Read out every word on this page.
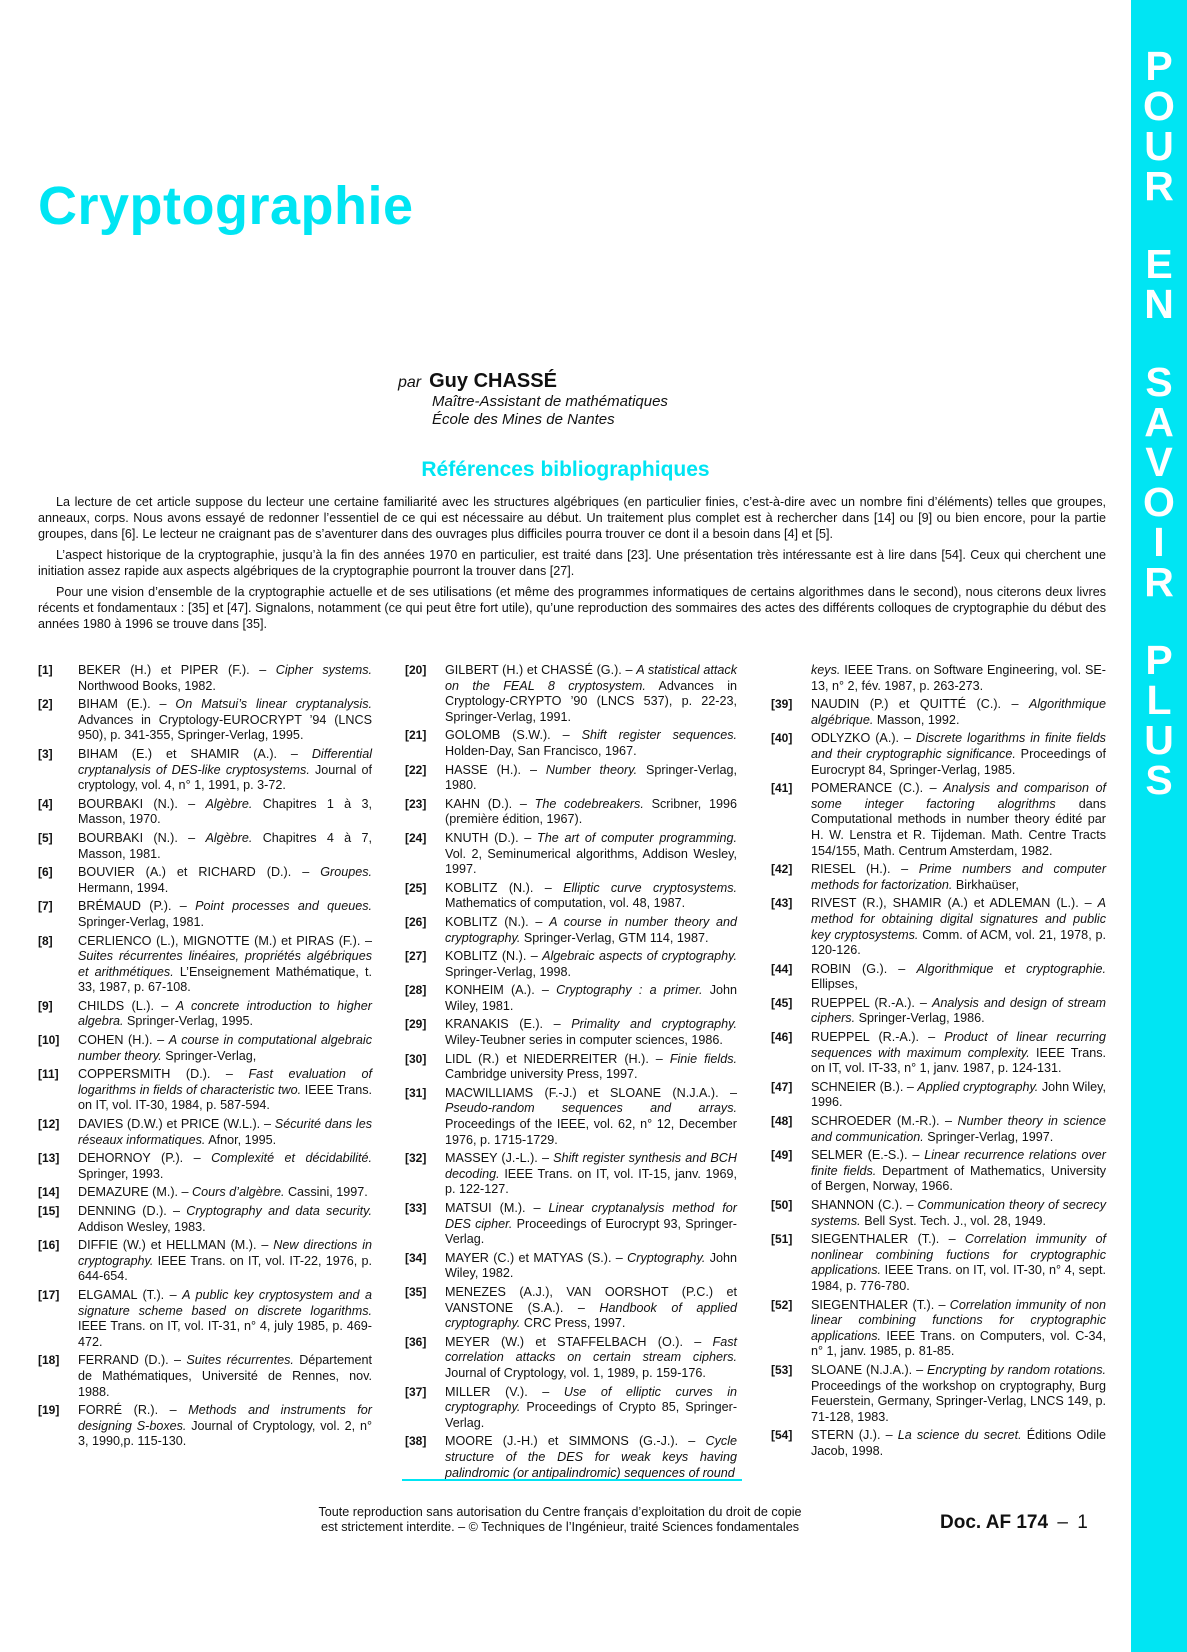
P
O
U
R
E
N
S
A
V
O
I
R
P
L
U
S
Cryptographie
par Guy CHASSÉ
Maître-Assistant de mathématiques
École des Mines de Nantes
Références bibliographiques

La lecture de cet article suppose du lecteur une certaine familiarité avec les structures algébriques (en particulier finies, c’est-à-dire avec un nombre fini d’éléments) telles que groupes, anneaux, corps. Nous avons essayé de redonner l’essentiel de ce qui est nécessaire au début. Un traitement plus complet est à rechercher dans [14] ou [9] ou bien encore, pour la partie groupes, dans [6]. Le lecteur ne craignant pas de s’aventurer dans des ouvrages plus difficiles pourra trouver ce dont il a besoin dans [4] et [5].

L’aspect historique de la cryptographie, jusqu’à la fin des années 1970 en particulier, est traité dans [23]. Une présentation très intéressante est à lire dans [54]. Ceux qui cherchent une initiation assez rapide aux aspects algébriques de la cryptographie pourront la trouver dans [27].

Pour une vision d’ensemble de la cryptographie actuelle et de ses utilisations (et même des programmes informatiques de certains algorithmes dans le second), nous citerons deux livres récents et fondamentaux : [35] et [47]. Signalons, notamment (ce qui peut être fort utile), qu’une reproduction des sommaires des actes des différents colloques de cryptographie du début des années 1980 à 1996 se trouve dans [35].

[1]	BEKER (H.) et PIPER (F.). – Cipher systems. Northwood Books, 1982.
[2]	BIHAM (E.). – On Matsui’s linear cryptanalysis. Advances in Cryptology-EUROCRYPT ’94 (LNCS 950), p. 341-355, Springer-Verlag, 1995.
[3]	BIHAM (E.) et SHAMIR (A.). – Differential cryptanalysis of DES-like cryptosystems. Journal of cryptology, vol. 4, n° 1, 1991, p. 3-72.
[4]	BOURBAKI (N.). – Algèbre. Chapitres 1 à 3, Masson, 1970.
[5]	BOURBAKI (N.). – Algèbre. Chapitres 4 à 7, Masson, 1981.
[6]	BOUVIER (A.) et RICHARD (D.). – Groupes. Hermann, 1994.
[7]	BRÉMAUD (P.). – Point processes and queues. Springer-Verlag, 1981.
[8]	CERLIENCO (L.), MIGNOTTE (M.) et PIRAS (F.). – Suites récurrentes linéaires, propriétés algébriques et arithmétiques. L’Enseignement Mathématique, t. 33, 1987, p. 67-108.
[9]	CHILDS (L.). – A concrete introduction to higher algebra. Springer-Verlag, 1995.
[10]	COHEN (H.). – A course in computational algebraic number theory. Springer-Verlag,
[11]	COPPERSMITH (D.). – Fast evaluation of logarithms in fields of characteristic two. IEEE Trans. on IT, vol. IT-30, 1984, p. 587-594.
[12]	DAVIES (D.W.) et PRICE (W.L.). – Sécurité dans les réseaux informatiques. Afnor, 1995.
[13]	DEHORNOY (P.). – Complexité et décidabilité. Springer, 1993.
[14]	DEMAZURE (M.). – Cours d’algèbre. Cassini, 1997.
[15]	DENNING (D.). – Cryptography and data security. Addison Wesley, 1983.
[16]	DIFFIE (W.) et HELLMAN (M.). – New directions in cryptography. IEEE Trans. on IT, vol. IT-22, 1976, p. 644-654.
[17]	ELGAMAL (T.). – A public key cryptosystem and a signature scheme based on discrete logarithms. IEEE Trans. on IT, vol. IT-31, n° 4, july 1985, p. 469-472.
[18]	FERRAND (D.). – Suites récurrentes. Département de Mathématiques, Université de Rennes, nov. 1988.
[19]	FORRÉ (R.). – Methods and instruments for designing S-boxes. Journal of Cryptology, vol. 2, n° 3, 1990,p. 115-130.
[20]	GILBERT (H.) et CHASSÉ (G.). – A statistical attack on the FEAL 8 cryptosystem. Advances in Cryptology-CRYPTO ’90 (LNCS 537), p. 22-23, Springer-Verlag, 1991.
[21]	GOLOMB (S.W.). – Shift register sequences. Holden-Day, San Francisco, 1967.
[22]	HASSE (H.). – Number theory. Springer-Verlag, 1980.
[23]	KAHN (D.). – The codebreakers. Scribner, 1996 (première édition, 1967).
[24]	KNUTH (D.). – The art of computer programming. Vol. 2, Seminumerical algorithms, Addison Wesley, 1997.
[25]	KOBLITZ (N.). – Elliptic curve cryptosystems. Mathematics of computation, vol. 48, 1987.
[26]	KOBLITZ (N.). – A course in number theory and cryptography. Springer-Verlag, GTM 114, 1987.
[27]	KOBLITZ (N.). – Algebraic aspects of cryptography. Springer-Verlag, 1998.
[28]	KONHEIM (A.). – Cryptography : a primer. John Wiley, 1981.
[29]	KRANAKIS (E.). – Primality and cryptography. Wiley-Teubner series in computer sciences, 1986.
[30]	LIDL (R.) et NIEDERREITER (H.). – Finie fields. Cambridge university Press, 1997.
[31]	MACWILLIAMS (F.-J.) et SLOANE (N.J.A.). – Pseudo-random sequences and arrays. Proceedings of the IEEE, vol. 62, n° 12, December 1976, p. 1715-1729.
[32]	MASSEY (J.-L.). – Shift register synthesis and BCH decoding. IEEE Trans. on IT, vol. IT-15, janv. 1969, p. 122-127.
[33]	MATSUI (M.). – Linear cryptanalysis method for DES cipher. Proceedings of Eurocrypt 93, Springer-Verlag.
[34]	MAYER (C.) et MATYAS (S.). – Cryptography. John Wiley, 1982.
[35]	MENEZES (A.J.), VAN OORSHOT (P.C.) et VANSTONE (S.A.). – Handbook of applied cryptography. CRC Press, 1997.
[36]	MEYER (W.) et STAFFELBACH (O.). – Fast correlation attacks on certain stream ciphers. Journal of Cryptology, vol. 1, 1989, p. 159-176.
[37]	MILLER (V.). – Use of elliptic curves in cryptography. Proceedings of Crypto 85, Springer-Verlag.
[38]	MOORE (J.-H.) et SIMMONS (G.-J.). – Cycle structure of the DES for weak keys having palindromic (or antipalindromic) sequences of round
keys. IEEE Trans. on Software Engineering, vol. SE-13, n° 2, fév. 1987, p. 263-273.
[39]	NAUDIN (P.) et QUITTÉ (C.). – Algorithmique algébrique. Masson, 1992.
[40]	ODLYZKO (A.). – Discrete logarithms in finite fields and their cryptographic significance. Proceedings of Eurocrypt 84, Springer-Verlag, 1985.
[41]	POMERANCE (C.). – Analysis and comparison of some integer factoring alogrithms dans Computational methods in number theory édité par H. W. Lenstra et R. Tijdeman. Math. Centre Tracts 154/155, Math. Centrum Amsterdam, 1982.
[42]	RIESEL (H.). – Prime numbers and computer methods for factorization. Birkhaüser,
[43]	RIVEST (R.), SHAMIR (A.) et ADLEMAN (L.). – A method for obtaining digital signatures and public key cryptosystems. Comm. of ACM, vol. 21, 1978, p. 120-126.
[44]	ROBIN (G.). – Algorithmique et cryptographie. Ellipses,
[45]	RUEPPEL (R.-A.). – Analysis and design of stream ciphers. Springer-Verlag, 1986.
[46]	RUEPPEL (R.-A.). – Product of linear recurring sequences with maximum complexity. IEEE Trans. on IT, vol. IT-33, n° 1, janv. 1987, p. 124-131.
[47]	SCHNEIER (B.). – Applied cryptography. John Wiley, 1996.
[48]	SCHROEDER (M.-R.). – Number theory in science and communication. Springer-Verlag, 1997.
[49]	SELMER (E.-S.). – Linear recurrence relations over finite fields. Department of Mathematics, University of Bergen, Norway, 1966.
[50]	SHANNON (C.). – Communication theory of secrecy systems. Bell Syst. Tech. J., vol. 28, 1949.
[51]	SIEGENTHALER (T.). – Correlation immunity of nonlinear combining fuctions for cryptographic applications. IEEE Trans. on IT, vol. IT-30, n° 4, sept. 1984, p. 776-780.
[52]	SIEGENTHALER (T.). – Correlation immunity of non linear combining functions for cryptographic applications. IEEE Trans. on Computers, vol. C-34, n° 1, janv. 1985, p. 81-85.
[53]	SLOANE (N.J.A.). – Encrypting by random rotations. Proceedings of the workshop on cryptography, Burg Feuerstein, Germany, Springer-Verlag, LNCS 149, p. 71-128, 1983.
[54]	STERN (J.). – La science du secret. Éditions Odile Jacob, 1998.
Toute reproduction sans autorisation du Centre français d’exploitation du droit de copie
est strictement interdite. – © Techniques de l’Ingénieur, traité Sciences fondamentales	Doc. AF 174 – 1
